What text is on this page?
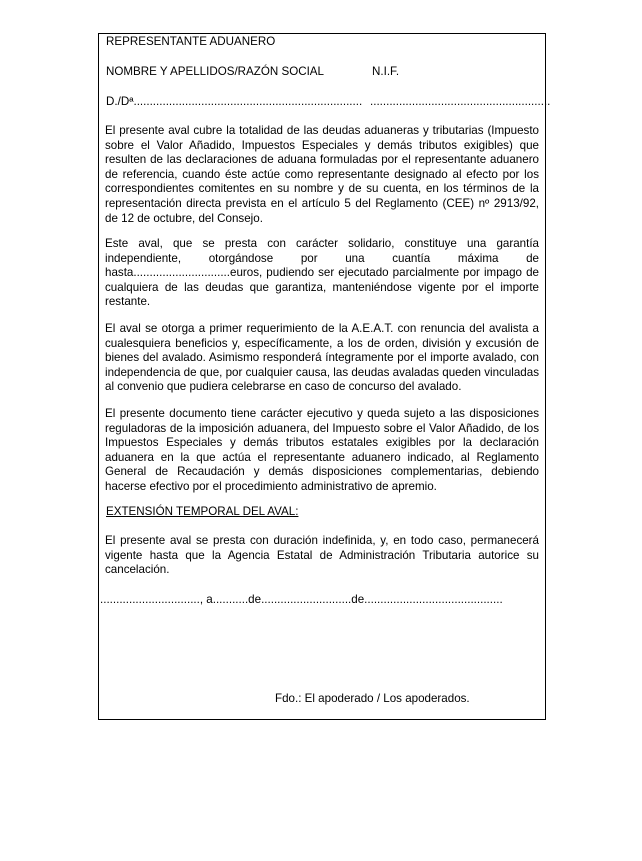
REPRESENTANTE ADUANERO
NOMBRE Y APELLIDOS/RAZÓN SOCIAL	N.I.F.
D./Dª....................................................................... ........................................................
El presente aval cubre la totalidad de las deudas aduaneras y tributarias (Impuesto sobre el Valor Añadido, Impuestos Especiales y demás tributos exigibles) que resulten de las declaraciones de aduana formuladas por el representante aduanero de referencia, cuando éste actúe como representante designado al efecto por los correspondientes comitentes en su nombre y de su cuenta, en los términos de la representación directa prevista en el artículo 5 del Reglamento (CEE) nº 2913/92, de 12 de octubre, del Consejo.
Este aval, que se presta con carácter solidario, constituye una garantía independiente, otorgándose por una cuantía máxima de hasta..............................euros, pudiendo ser ejecutado parcialmente por impago de cualquiera de las deudas que garantiza, manteniéndose vigente por el importe restante.
El aval se otorga a primer requerimiento de la A.E.A.T. con renuncia del avalista a cualesquiera beneficios y, específicamente, a los de orden, división y excusión de bienes del avalado. Asimismo responderá íntegramente por el importe avalado, con independencia de que, por cualquier causa, las deudas avaladas queden vinculadas al convenio que pudiera celebrarse en caso de concurso del avalado.
El presente documento tiene carácter ejecutivo y queda sujeto a las disposiciones reguladoras de la imposición aduanera, del Impuesto sobre el Valor Añadido, de los Impuestos Especiales y demás tributos estatales exigibles por la declaración aduanera en la que actúa el representante aduanero indicado, al Reglamento General de Recaudación y demás disposiciones complementarias, debiendo hacerse efectivo por el procedimiento administrativo de apremio.
EXTENSIÓN TEMPORAL DEL AVAL:
El presente aval se presta con duración indefinida, y, en todo caso, permanecerá vigente hasta que la Agencia Estatal de Administración Tributaria autorice su cancelación.
..............................., a...........de............................de...........................................
Fdo.: El apoderado / Los apoderados.
